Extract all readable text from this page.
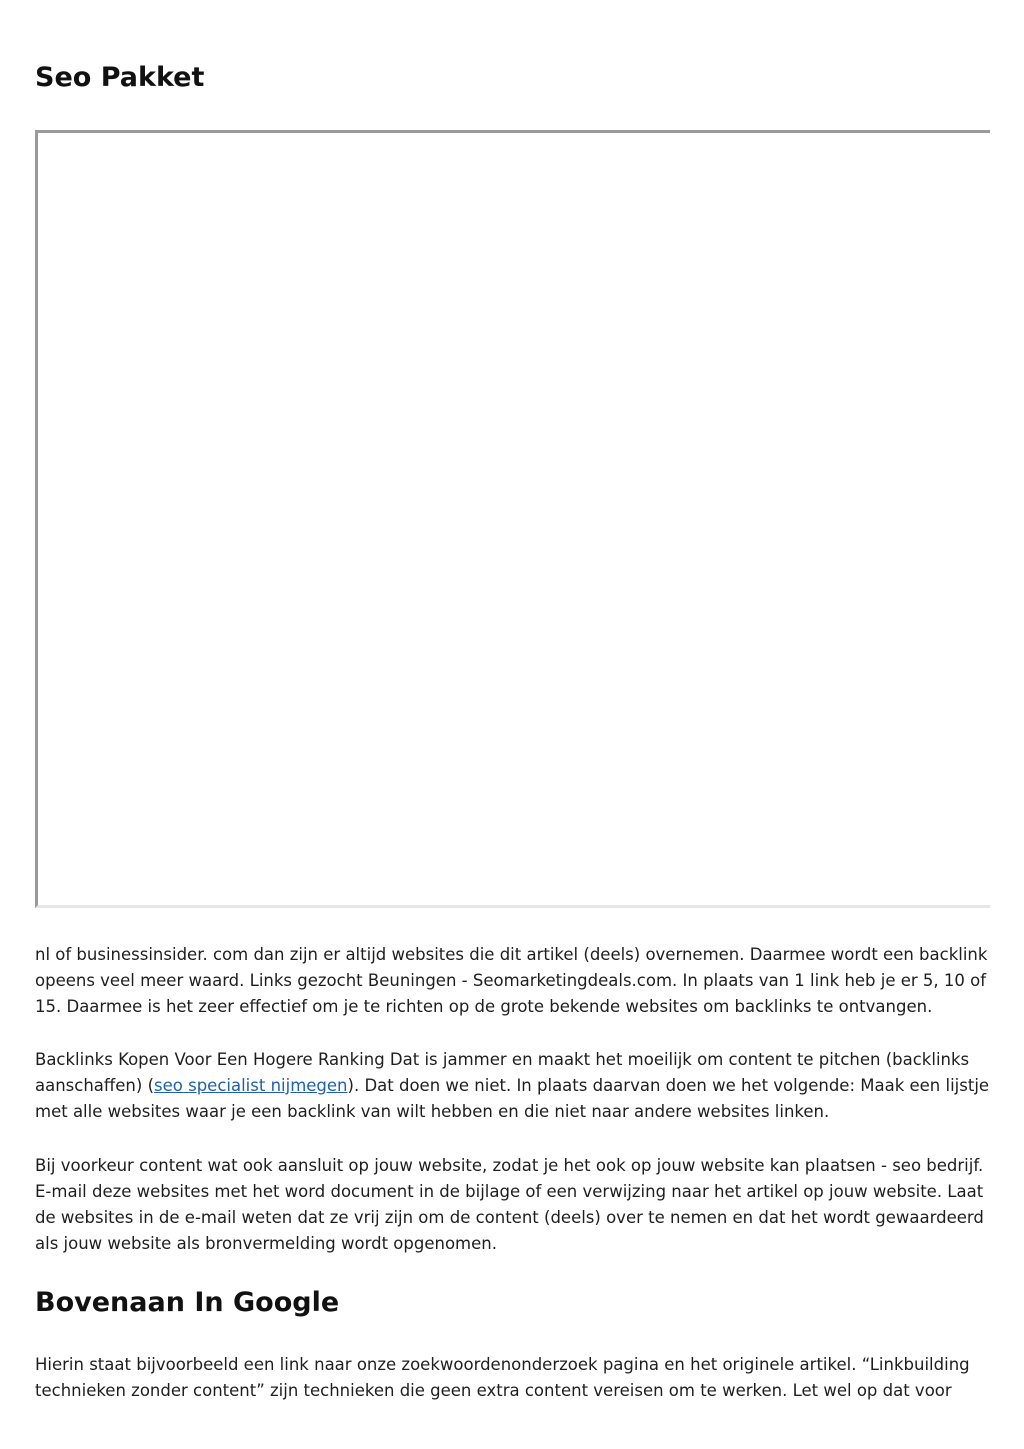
Seo Pakket

nl of businessinsider. com dan zijn er altijd websites die dit artikel (deels) overnemen. Daarmee wordt een backlink opeens veel meer waard. Links gezocht Beuningen - Seomarketingdeals.com. In plaats van 1 link heb je er 5, 10 of 15. Daarmee is het zeer effectief om je te richten op de grote bekende websites om backlinks te ontvangen.

Backlinks Kopen Voor Een Hogere Ranking Dat is jammer en maakt het moeilijk om content te pitchen (backlinks aanschaffen) (seo specialist nijmegen). Dat doen we niet. In plaats daarvan doen we het volgende: Maak een lijstje met alle websites waar je een backlink van wilt hebben en die niet naar andere websites linken.

Bij voorkeur content wat ook aansluit op jouw website, zodat je het ook op jouw website kan plaatsen - seo bedrijf. E-mail deze websites met het word document in de bijlage of een verwijzing naar het artikel op jouw website. Laat de websites in de e-mail weten dat ze vrij zijn om de content (deels) over te nemen en dat het wordt gewaardeerd als jouw website als bronvermelding wordt opgenomen.

Bovenaan In Google

Hierin staat bijvoorbeeld een link naar onze zoekwoordenonderzoek pagina en het originele artikel. “Linkbuilding technieken zonder content” zijn technieken die geen extra content vereisen om te werken. Let wel op dat voor
